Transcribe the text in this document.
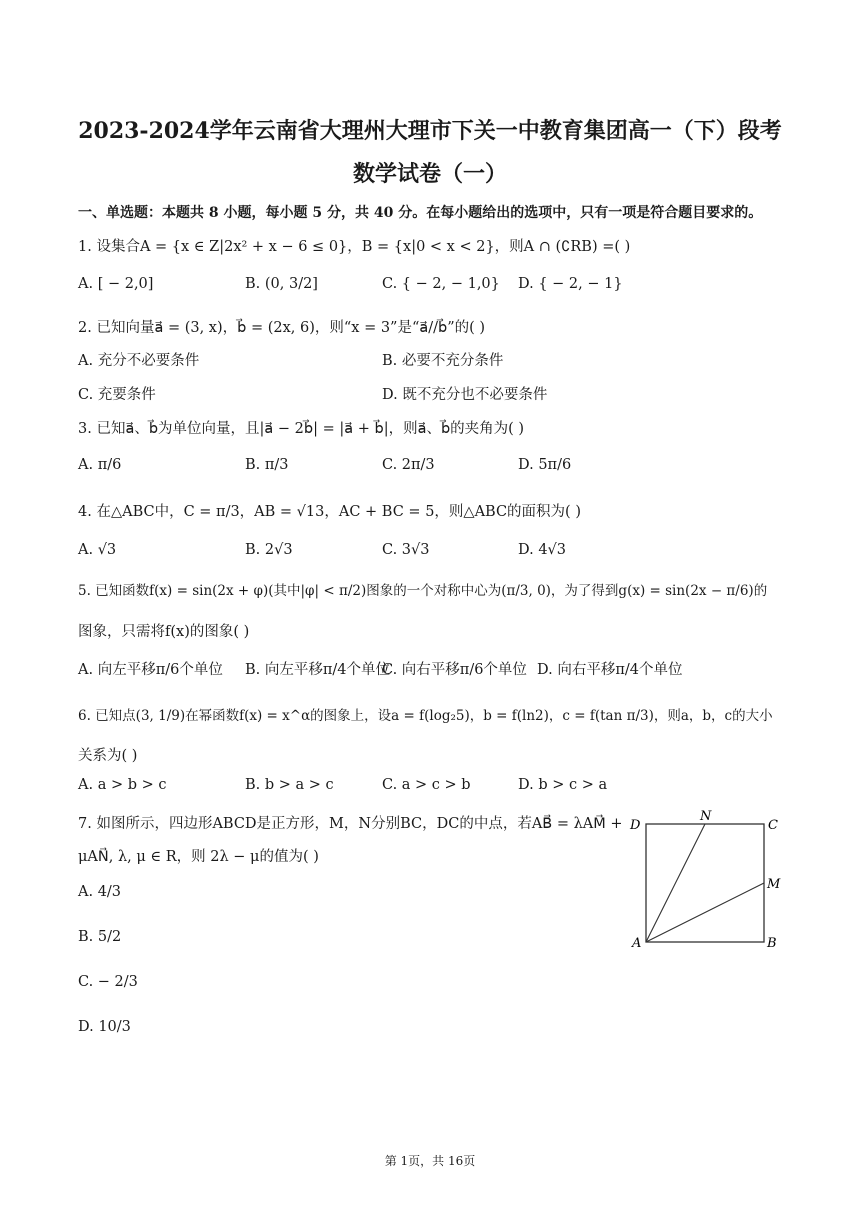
2023-2024学年云南省大理州大理市下关一中教育集团高一（下）段考
数学试卷（一）
一、单选题：本题共 8 小题，每小题 5 分，共 40 分。在每小题给出的选项中，只有一项是符合题目要求的。
1. 设集合A = {x ∈ Z|2x² + x − 6 ≤ 0}，B = {x|0 < x < 2}，则A ∩ (∁RB) =( )
A. [ − 2,0]	B. (0, 3/2]	C. { − 2, − 1,0} D. { − 2, − 1}
2. 已知向量a⃗ = (3, x)，b⃗ = (2x, 6)，则“x = 3”是“a⃗//b⃗”的( )
A. 充分不必要条件	B. 必要不充分条件
C. 充要条件	D. 既不充分也不必要条件
3. 已知a⃗、b⃗为单位向量，且|a⃗ − 2b⃗| = |a⃗ + b⃗|，则a⃗、b⃗的夹角为( )
A. π/6	B. π/3	C. 2π/3	D. 5π/6
4. 在△ABC中，C = π/3，AB = √13，AC + BC = 5，则△ABC的面积为( )
A. √3	B. 2√3	C. 3√3	D. 4√3
5. 已知函数f(x) = sin(2x + φ)(其中|φ| < π/2)图象的一个对称中心为(π/3, 0)，为了得到g(x) = sin(2x − π/6)的
图象，只需将f(x)的图象( )
A. 向左平移π/6个单位 B. 向左平移π/4个单位
C. 向右平移π/6个单位 D. 向右平移π/4个单位
6. 已知点(3, 1/9)在幂函数f(x) = x^α的图象上，设a = f(log₂5)，b = f(ln2)，c = f(tan π/3)，则a，b，c的大小
关系为( )
A. a > b > c	B. b > a > c	C. a > c > b	D. b > c > a
7. 如图所示，四边形ABCD是正方形，M，N分别BC，DC的中点，若AB⃗ = λAM⃗ +
μAN⃗, λ, μ ∈ R，则 2λ − μ的值为( )
A. 4/3
B. 5/2
C. − 2/3
D. 10/3
D
N
C
M
A	B
第 1页，共 16页
